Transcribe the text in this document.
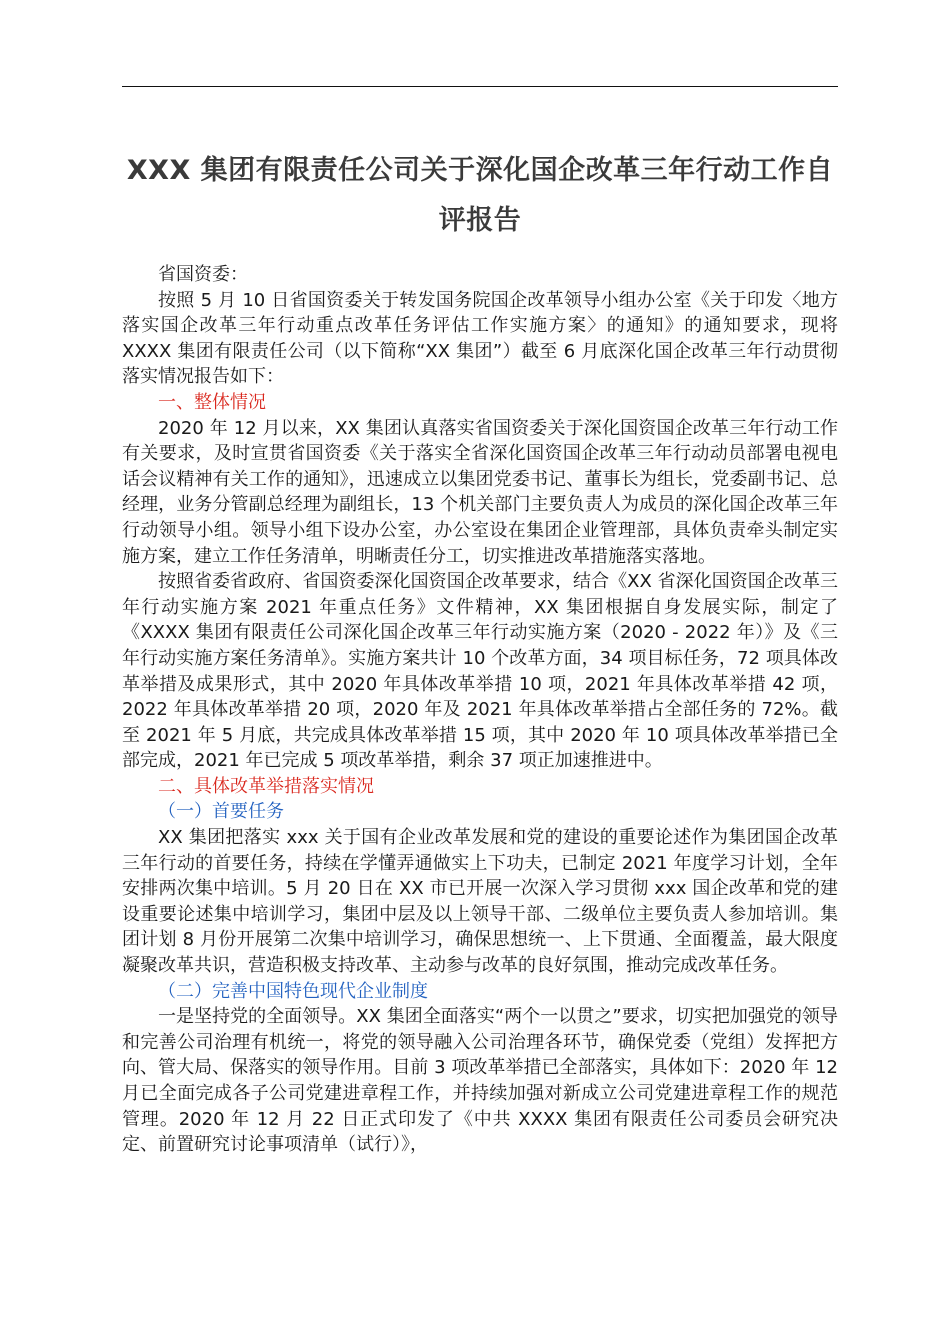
XXX 集团有限责任公司关于深化国企改革三年行动工作自评报告

省国资委：

按照 5 月 10 日省国资委关于转发国务院国企改革领导小组办公室《关于印发〈地方落实国企改革三年行动重点改革任务评估工作实施方案〉的通知》的通知要求，现将 XXXX 集团有限责任公司（以下简称“XX 集团”）截至 6 月底深化国企改革三年行动贯彻落实情况报告如下：

一、整体情况

2020 年 12 月以来，XX 集团认真落实省国资委关于深化国资国企改革三年行动工作有关要求，及时宣贯省国资委《关于落实全省深化国资国企改革三年行动动员部署电视电话会议精神有关工作的通知》，迅速成立以集团党委书记、董事长为组长，党委副书记、总经理，业务分管副总经理为副组长，13 个机关部门主要负责人为成员的深化国企改革三年行动领导小组。领导小组下设办公室，办公室设在集团企业管理部，具体负责牵头制定实施方案，建立工作任务清单，明晰责任分工，切实推进改革措施落实落地。

按照省委省政府、省国资委深化国资国企改革要求，结合《XX 省深化国资国企改革三年行动实施方案 2021 年重点任务》文件精神，XX 集团根据自身发展实际，制定了《XXXX 集团有限责任公司深化国企改革三年行动实施方案（2020 - 2022 年）》及《三年行动实施方案任务清单》。实施方案共计 10 个改革方面，34 项目标任务，72 项具体改革举措及成果形式，其中 2020 年具体改革举措 10 项，2021 年具体改革举措 42 项，2022 年具体改革举措 20 项，2020 年及 2021 年具体改革举措占全部任务的 72%。截至 2021 年 5 月底，共完成具体改革举措 15 项，其中 2020 年 10 项具体改革举措已全部完成，2021 年已完成 5 项改革举措，剩余 37 项正加速推进中。

二、具体改革举措落实情况

（一）首要任务

XX 集团把落实 xxx 关于国有企业改革发展和党的建设的重要论述作为集团国企改革三年行动的首要任务，持续在学懂弄通做实上下功夫，已制定 2021 年度学习计划，全年安排两次集中培训。5 月 20 日在 XX 市已开展一次深入学习贯彻 xxx 国企改革和党的建设重要论述集中培训学习，集团中层及以上领导干部、二级单位主要负责人参加培训。集团计划 8 月份开展第二次集中培训学习，确保思想统一、上下贯通、全面覆盖，最大限度凝聚改革共识，营造积极支持改革、主动参与改革的良好氛围，推动完成改革任务。

（二）完善中国特色现代企业制度

一是坚持党的全面领导。XX 集团全面落实“两个一以贯之”要求，切实把加强党的领导和完善公司治理有机统一，将党的领导融入公司治理各环节，确保党委（党组）发挥把方向、管大局、保落实的领导作用。目前 3 项改革举措已全部落实，具体如下：2020 年 12 月已全面完成各子公司党建进章程工作，并持续加强对新成立公司党建进章程工作的规范管理。2020 年 12 月 22 日正式印发了《中共 XXXX 集团有限责任公司委员会研究决定、前置研究讨论事项清单（试行）》，
